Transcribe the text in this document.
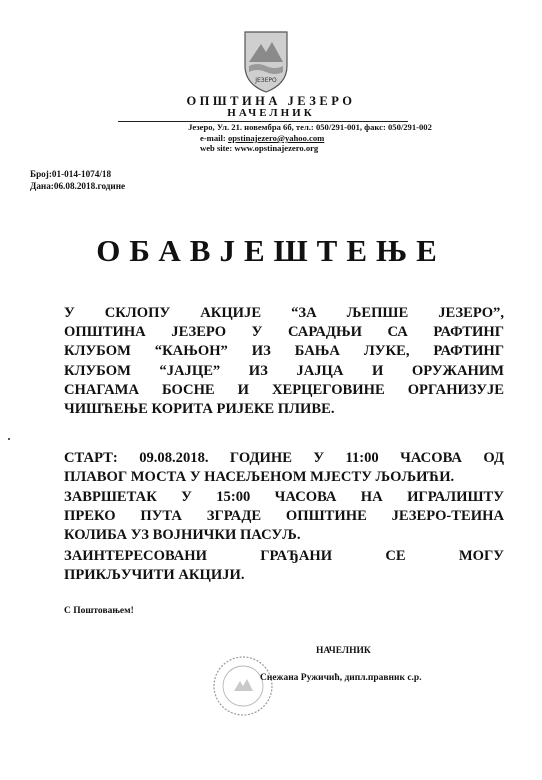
ЈЕЗЕРО
ОПШТИНА ЈЕЗЕРО
НАЧЕЛНИК
Језеро, Ул. 21. новембра 6б, тел.: 050/291-001, факс: 050/291-002
e-mail: opstinajezero@yahoo.com
web site: www.opstinajezero.org
Број:01-014-1074/18
Дана:06.08.2018.године
ОБАВЈЕШТЕЊЕ
У СКЛОПУ АКЦИЈЕ “ЗА ЉЕПШЕ ЈЕЗЕРО”,
ОПШТИНА ЈЕЗЕРО У САРАДЊИ СА РАФТИНГ
КЛУБОМ “КАЊОН” ИЗ БАЊА ЛУКЕ, РАФТИНГ
КЛУБОМ “ЈАЈЦЕ” ИЗ ЈАЈЦА И ОРУЖАНИМ
СНАГАМА БОСНЕ И ХЕРЦЕГОВИНЕ ОРГАНИЗУЈЕ
ЧИШЋЕЊЕ КОРИТА РИЈЕКЕ ПЛИВЕ.
СТАРТ: 09.08.2018. ГОДИНЕ У 11:00 ЧАСОВА ОД
ПЛАВОГ МОСТА У НАСЕЉЕНОМ МЈЕСТУ ЉОЉИЋИ.
ЗАВРШЕТАК У 15:00 ЧАСОВА НА ИГРАЛИШТУ
ПРЕКО ПУТА ЗГРАДЕ ОПШТИНЕ ЈЕЗЕРО-ТЕИНА
КОЛИБА УЗ ВОЈНИЧКИ ПАСУЉ.
ЗАИНТЕРЕСОВАНИ ГРАЂАНИ СЕ МОГУ
ПРИКЉУЧИТИ АКЦИЈИ.
С Поштовањем!
НАЧЕЛНИК
Снежана Ружичић, дипл.правник с.р.
